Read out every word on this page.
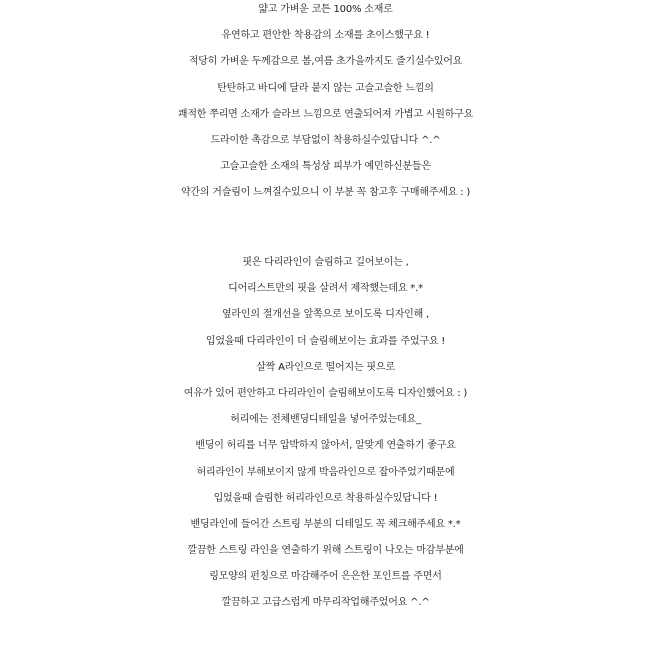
얇고 가벼운 코튼 100% 소재로
유연하고 편안한 착용감의 소재를 초이스했구요 !
적당히 가벼운 두께감으로 봄,여름 초가을까지도 즐기실수있어요
탄탄하고 바디에 달라 붙지 않는 고슬고슬한 느낌의
쾌적한 쭈리면 소재가 슬라브 느낌으로 연출되어져 가볍고 시원하구요
드라이한 촉감으로 부담없이 착용하실수있답니다 ^.^
고슬고슬한 소재의 특성상 피부가 예민하신분들은
약간의 거슬림이 느껴질수있으니 이 부분 꼭 참고후 구매해주세요 : )
핏은 다리라인이 슬림하고 길어보이는 ,
디어리스트만의 핏을 살려서 제작했는데요 *.*
옆라인의 절개선을 앞쪽으로 보이도록 디자인해 ,
입었을때 다리라인이 더 슬림해보이는 효과를 주었구요 !
살짝 A라인으로 떨어지는 핏으로
여유가 있어 편안하고 다리라인이 슬림해보이도록 디자인했어요 : )
허리에는 전체밴딩디테일을 넣어주었는데요_
밴딩이 허리를 너무 압박하지 않아서, 알맞게 연출하기 좋구요
허리라인이 부해보이지 않게 박음라인으로 잡아주었기때문에
입었을때 슬림한 허리라인으로 착용하실수있답니다 !
밴딩라인에 들어간 스트링 부분의 디테일도 꼭 체크해주세요 *.*
깔끔한 스트링 라인을 연출하기 위해 스트링이 나오는 마감부분에
링모양의 펀칭으로 마감해주어 은은한 포인트를 주면서
깔끔하고 고급스럽게 마무리작업해주었어요 ^.^
